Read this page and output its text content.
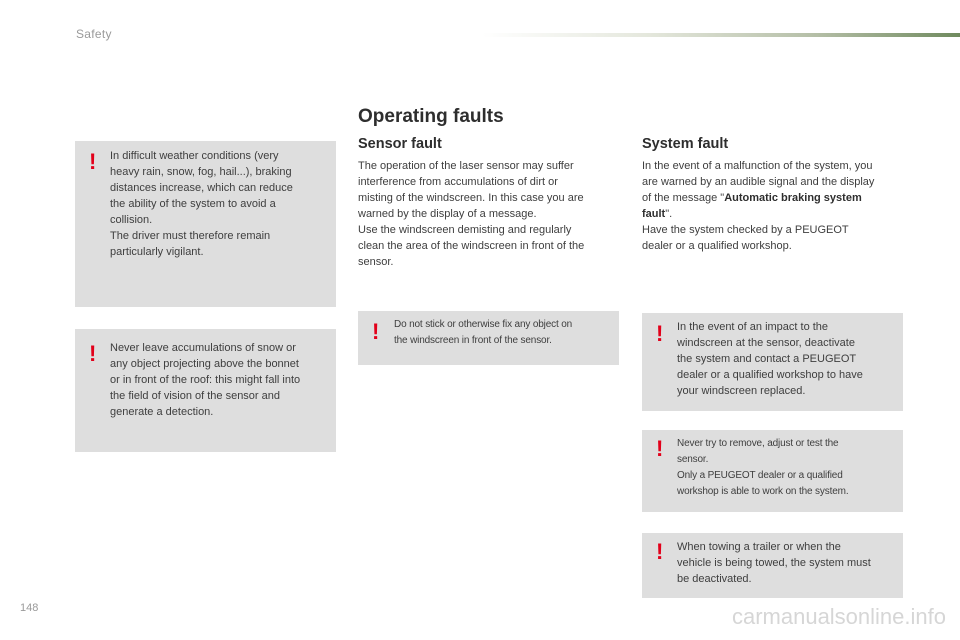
Safety
Operating faults
! In difficult weather conditions (very
heavy rain, snow, fog, hail...), braking
distances increase, which can reduce
the ability of the system to avoid a
collision.
The driver must therefore remain
particularly vigilant.
! Never leave accumulations of snow or
any object projecting above the bonnet
or in front of the roof: this might fall into
the field of vision of the sensor and
generate a detection.
Sensor fault
The operation of the laser sensor may suffer
interference from accumulations of dirt or
misting of the windscreen. In this case you are
warned by the display of a message.
Use the windscreen demisting and regularly
clean the area of the windscreen in front of the
sensor.
! Do not stick or otherwise fix any object on
the windscreen in front of the sensor.
System fault
In the event of a malfunction of the system, you
are warned by an audible signal and the display
of the message "Automatic braking system
fault".
Have the system checked by a PEUGEOT
dealer or a qualified workshop.
! In the event of an impact to the
windscreen at the sensor, deactivate
the system and contact a PEUGEOT
dealer or a qualified workshop to have
your windscreen replaced.
! Never try to remove, adjust or test the
sensor.
Only a PEUGEOT dealer or a qualified
workshop is able to work on the system.
! When towing a trailer or when the
vehicle is being towed, the system must
be deactivated.
148	carmanualsonline.info
